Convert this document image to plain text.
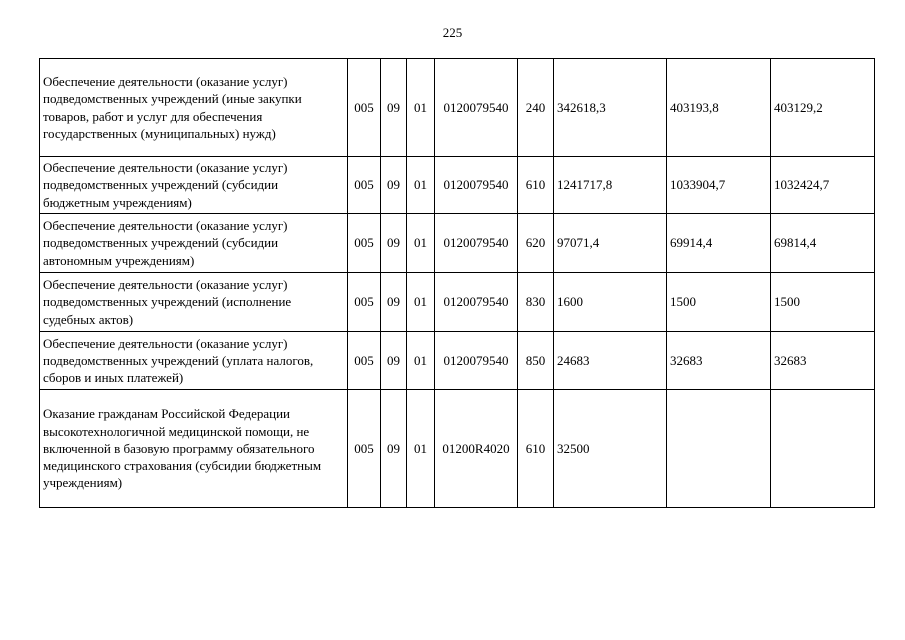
225
Обеспечение деятельности (оказание услуг) подведомственных учреждений (иные закупки товаров, работ и услуг для обеспечения государственных (муниципальных) нужд)	005	09	01	0120079540	240	342618,3	403193,8	403129,2
Обеспечение деятельности (оказание услуг) подведомственных учреждений (субсидии бюджетным учреждениям)	005	09	01	0120079540	610	1241717,8	1033904,7	1032424,7
Обеспечение деятельности (оказание услуг) подведомственных учреждений (субсидии автономным учреждениям)	005	09	01	0120079540	620	97071,4	69914,4	69814,4
Обеспечение деятельности (оказание услуг) подведомственных учреждений (исполнение судебных актов)	005	09	01	0120079540	830	1600	1500	1500
Обеспечение деятельности (оказание услуг) подведомственных учреждений (уплата налогов, сборов и иных платежей)	005	09	01	0120079540	850	24683	32683	32683
Оказание гражданам Российской Федерации высокотехнологичной медицинской помощи, не включенной в базовую программу обязательного медицинского страхования (субсидии бюджетным учреждениям)	005	09	01	01200R4020	610	32500		
